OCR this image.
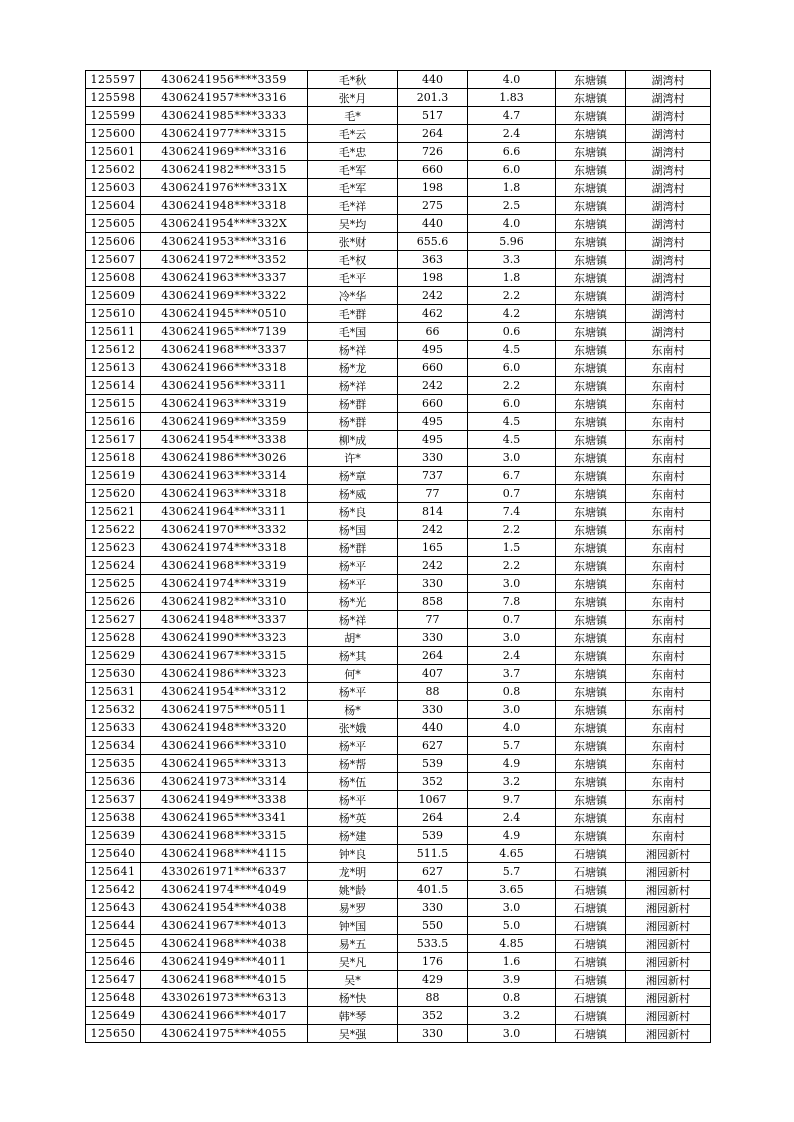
125597	4306241956****3359	毛*秋	440	4.0	东塘镇	湖湾村
125598	4306241957****3316	张*月	201.3	1.83	东塘镇	湖湾村
125599	4306241985****3333	毛*	517	4.7	东塘镇	湖湾村
125600	4306241977****3315	毛*云	264	2.4	东塘镇	湖湾村
125601	4306241969****3316	毛*忠	726	6.6	东塘镇	湖湾村
125602	4306241982****3315	毛*军	660	6.0	东塘镇	湖湾村
125603	4306241976****331X	毛*军	198	1.8	东塘镇	湖湾村
125604	4306241948****3318	毛*祥	275	2.5	东塘镇	湖湾村
125605	4306241954****332X	吴*均	440	4.0	东塘镇	湖湾村
125606	4306241953****3316	张*财	655.6	5.96	东塘镇	湖湾村
125607	4306241972****3352	毛*权	363	3.3	东塘镇	湖湾村
125608	4306241963****3337	毛*平	198	1.8	东塘镇	湖湾村
125609	4306241969****3322	冷*华	242	2.2	东塘镇	湖湾村
125610	4306241945****0510	毛*群	462	4.2	东塘镇	湖湾村
125611	4306241965****7139	毛*国	66	0.6	东塘镇	湖湾村
125612	4306241968****3337	杨*祥	495	4.5	东塘镇	东南村
125613	4306241966****3318	杨*龙	660	6.0	东塘镇	东南村
125614	4306241956****3311	杨*祥	242	2.2	东塘镇	东南村
125615	4306241963****3319	杨*群	660	6.0	东塘镇	东南村
125616	4306241969****3359	杨*群	495	4.5	东塘镇	东南村
125617	4306241954****3338	柳*成	495	4.5	东塘镇	东南村
125618	4306241986****3026	许*	330	3.0	东塘镇	东南村
125619	4306241963****3314	杨*章	737	6.7	东塘镇	东南村
125620	4306241963****3318	杨*威	77	0.7	东塘镇	东南村
125621	4306241964****3311	杨*良	814	7.4	东塘镇	东南村
125622	4306241970****3332	杨*国	242	2.2	东塘镇	东南村
125623	4306241974****3318	杨*群	165	1.5	东塘镇	东南村
125624	4306241968****3319	杨*平	242	2.2	东塘镇	东南村
125625	4306241974****3319	杨*平	330	3.0	东塘镇	东南村
125626	4306241982****3310	杨*光	858	7.8	东塘镇	东南村
125627	4306241948****3337	杨*祥	77	0.7	东塘镇	东南村
125628	4306241990****3323	胡*	330	3.0	东塘镇	东南村
125629	4306241967****3315	杨*其	264	2.4	东塘镇	东南村
125630	4306241986****3323	何*	407	3.7	东塘镇	东南村
125631	4306241954****3312	杨*平	88	0.8	东塘镇	东南村
125632	4306241975****0511	杨*	330	3.0	东塘镇	东南村
125633	4306241948****3320	张*娥	440	4.0	东塘镇	东南村
125634	4306241966****3310	杨*平	627	5.7	东塘镇	东南村
125635	4306241965****3313	杨*帮	539	4.9	东塘镇	东南村
125636	4306241973****3314	杨*伍	352	3.2	东塘镇	东南村
125637	4306241949****3338	杨*平	1067	9.7	东塘镇	东南村
125638	4306241965****3341	杨*英	264	2.4	东塘镇	东南村
125639	4306241968****3315	杨*建	539	4.9	东塘镇	东南村
125640	4306241968****4115	钟*良	511.5	4.65	石塘镇	湘园新村
125641	4330261971****6337	龙*明	627	5.7	石塘镇	湘园新村
125642	4306241974****4049	姚*龄	401.5	3.65	石塘镇	湘园新村
125643	4306241954****4038	易*罗	330	3.0	石塘镇	湘园新村
125644	4306241967****4013	钟*国	550	5.0	石塘镇	湘园新村
125645	4306241968****4038	易*五	533.5	4.85	石塘镇	湘园新村
125646	4306241949****4011	吴*凡	176	1.6	石塘镇	湘园新村
125647	4306241968****4015	吴*	429	3.9	石塘镇	湘园新村
125648	4330261973****6313	杨*快	88	0.8	石塘镇	湘园新村
125649	4306241966****4017	韩*琴	352	3.2	石塘镇	湘园新村
125650	4306241975****4055	吴*强	330	3.0	石塘镇	湘园新村
